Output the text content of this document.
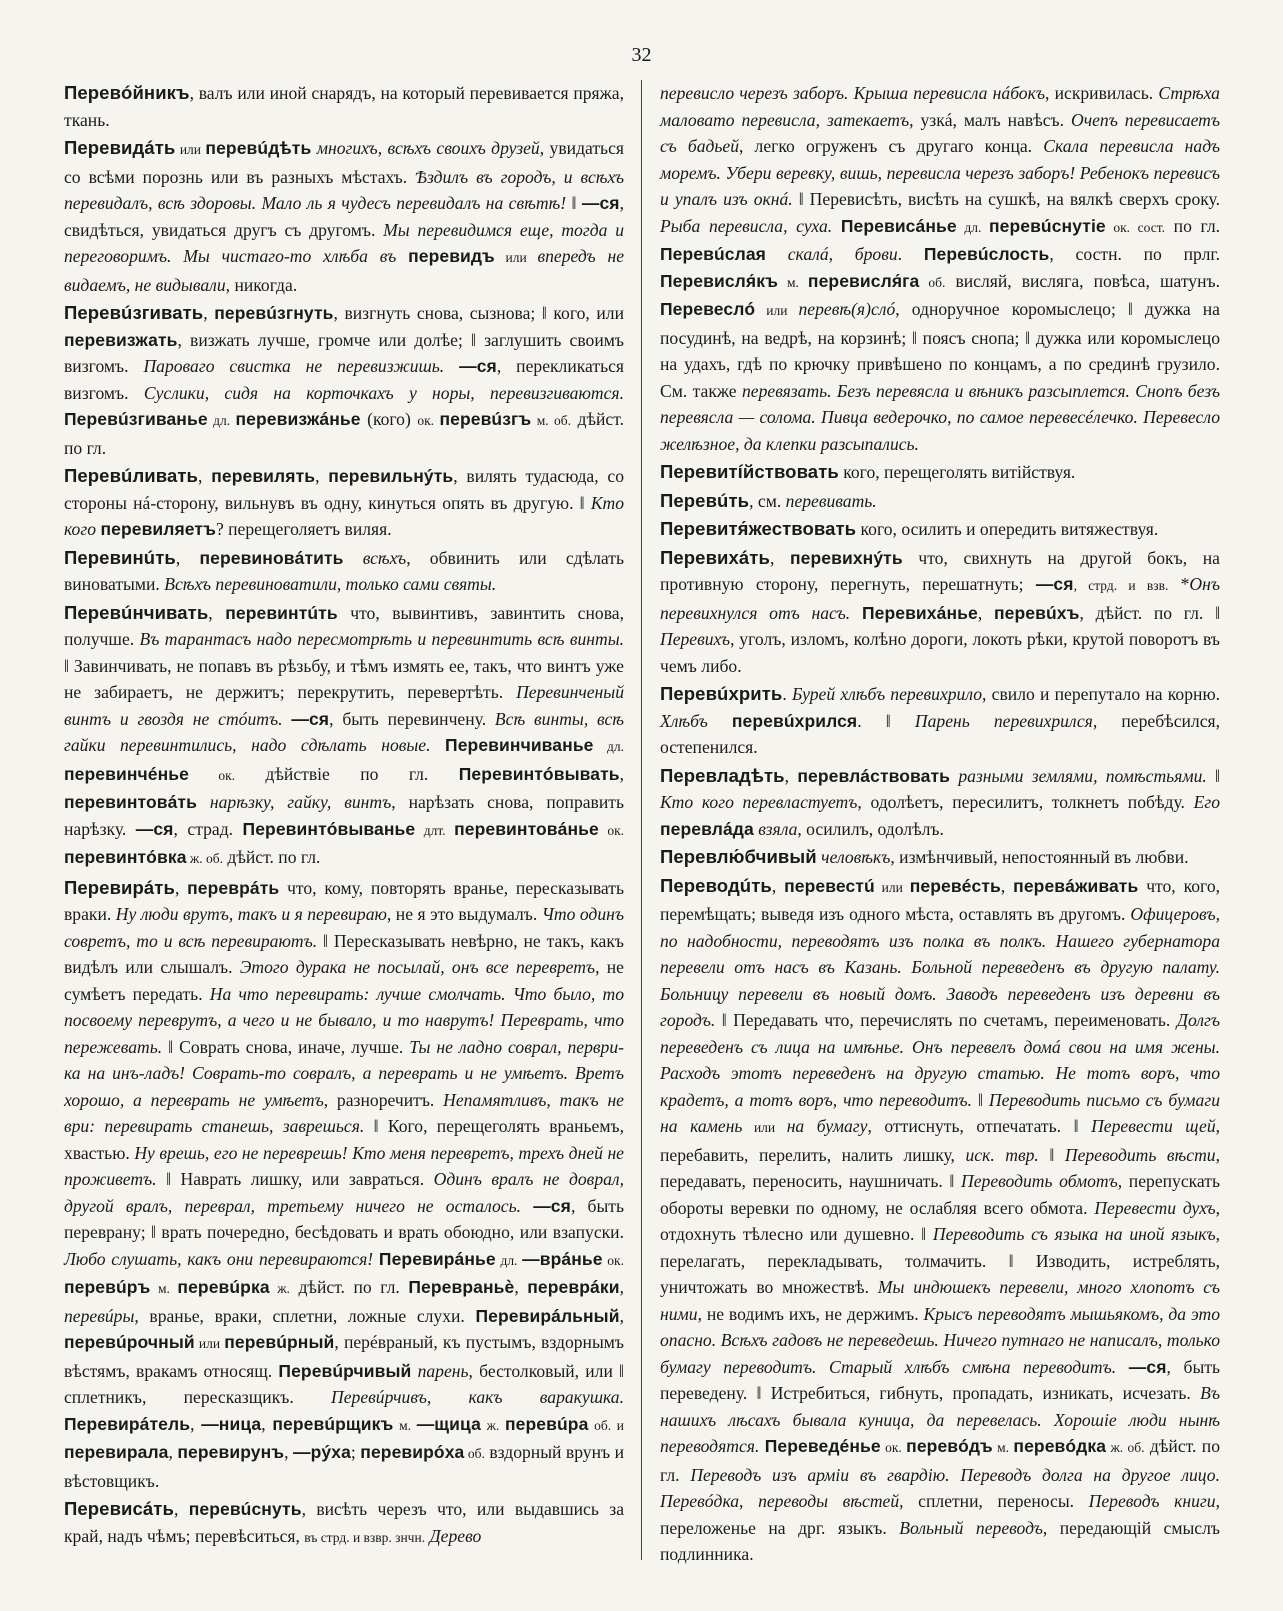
32

Перевóйникъ, валъ или иной снарядъ, на который перевивается пряжа, ткань.

Перевидáть или перевúдѣть многихъ, всѣхъ своихъ друзей, увидаться со всѣми порознь или въ разныхъ мѣстахъ. Ѣздилъ въ городъ, и всѣхъ перевидалъ, всѣ здоровы. Мало ль я чудесъ перевидалъ на свѣтѣ! ‖ —ся, свидѣться, увидаться другъ съ другомъ. Мы перевидимся еще, тогда и переговоримъ. Мы чистаго-то хлѣба въ перевидъ или впередъ не видаемъ, не видывали, никогда.

Перевúзгивать, перевúзгнуть, визгнуть снова, сызнова; ‖ кого, или перевизжать, визжать лучше, громче или долѣе; ‖ заглушить своимъ визгомъ. Пароваго свистка не перевизжишь. —ся, перекликаться визгомъ. Суслики, сидя на корточкахъ у норы, перевизгиваются. Перевúзгиванье дл. перевизжáнье (кого) ок. перевúзгъ м. об. дѣйст. по гл.

Перевúливать, перевилять, перевильнýть, вилять тудасюда, со стороны нá-сторону, вильнувъ въ одну, кинуться опять въ другую. ‖ Кто кого перевиляетъ? перещеголяетъ виляя.

Перевинúть, перевиновáтить всѣхъ, обвинить или сдѣлать виноватыми. Всѣхъ перевиноватили, только сами святы.

Перевúнчивать, перевинтúть что, вывинтивъ, завинтить снова, получше. Въ тарантасъ надо пересмотрѣть и перевинтить всѣ винты. ‖ Завинчивать, не попавъ въ рѣзьбу, и тѣмъ измять ее, такъ, что винтъ уже не забираетъ, не держитъ; перекрутить, перевертѣть. Перевинченый винтъ и гвоздя не стóитъ. —ся, быть перевинчену. Всѣ винты, всѣ гайки перевинтились, надо сдѣлать новые. Перевинчиванье дл. перевинчéнье ок. дѣйствіе по гл. Перевинтóвывать, перевинтовáть нарѣзку, гайку, винтъ, нарѣзать снова, поправить нарѣзку. —ся, страд. Перевинтóвыванье длт. перевинтовáнье ок. перевинтóвка ж. об. дѣйст. по гл.

Перевирáть, переврáть что, кому, повторять вранье, пересказывать враки. Ну люди врутъ, такъ и я перевираю, не я это выдумалъ. Что одинъ совретъ, то и всѣ перевираютъ. ‖ Пересказывать невѣрно, не такъ, какъ видѣлъ или слышалъ. Этого дурака не посылай, онъ все перевретъ, не сумѣетъ передать. На что перевирать: лучше смолчать. Что было, то посвоему переврутъ, а чего и не бывало, и то наврутъ! Переврать, что пережевать. ‖ Соврать снова, иначе, лучше. Ты не ладно соврал, перври-ка на инъ-ладъ! Соврать-то совралъ, а переврать и не умѣетъ. Вретъ хорошо, а переврать не умѣетъ, разноречитъ. Непамятливъ, такъ не ври: перевирать станешь, заврешься. ‖ Кого, перещеголять враньемъ, хвастью. Ну врешь, его не переврешь! Кто меня перевретъ, трехъ дней не проживетъ. ‖ Наврать лишку, или завраться. Одинъ вралъ не доврал, другой вралъ, переврал, третьему ничего не осталось. —ся, быть переврану; ‖ врать почередно, бесѣдовать и врать обоюдно, или взапуски. Любо слушать, какъ они перевираются! Перевирáнье дл. —врáнье ок. перевúръ м. перевúрка ж. дѣйст. по гл. Перевраньѐ, переврáки, перевúры, вранье, враки, сплетни, ложные слухи. Перевирáльный, перевúрочный или перевúрный, перéвраный, къ пустымъ, вздорнымъ вѣстямъ, вракамъ относящ. Перевúрчивый парень, бестолковый, или ‖ сплетникъ, пересказщикъ. Перевúрчивъ, какъ варакушка. Перевирáтель, —ница, перевúрщикъ м. —щица ж. перевúра об. и перевирала, перевирунъ, —рýха; перевирóха об. вздорный врунъ и вѣстовщикъ.

Перевисáть, перевúснуть, висѣть черезъ что, или выдавшись за край, надъ чѣмъ; перевѣситься, въ стрд. и взвр. знчн. Дерево

перевисло черезъ заборъ. Крыша перевисла нáбокъ, искривилась. Стрѣха маловато перевисла, затекаетъ, узкá, малъ навѣсъ. Очепъ перевисаетъ съ бадьей, легко огруженъ съ другаго конца. Скала перевисла надъ моремъ. Убери веревку, вишь, перевисла черезъ заборъ! Ребенокъ перевисъ и упалъ изъ окнá. ‖ Перевисѣть, висѣть на сушкѣ, на вялкѣ сверхъ сроку. Рыба перевисла, суха. Перевисáнье дл. перевúснутіе ок. сост. по гл. Перевúслая скалá, брови. Перевúслость, состн. по прлг. Перевисля́къ м. перевисля́га об. висляй, висляга, повѣса, шатунъ. Перевеслó или перевѣ(я)слó, одноручное коромыслецо; ‖ дужка на посудинѣ, на ведрѣ, на корзинѣ; ‖ поясъ снопа; ‖ дужка или коромыслецо на удахъ, гдѣ по крючку привѣшено по концамъ, а по срединѣ грузило. См. также перевязать. Безъ перевясла и вѣникъ разсыплется. Снопъ безъ перевясла — солома. Пивца ведерочко, по самое перевесéлечко. Перевесло желѣзное, да клепки разсыпались.

Перевитíйствовать кого, перещеголять витійствуя.

Перевúть, см. перевивать.

Перевитя́жествовать кого, осилить и опередить витяжествуя.

Перевихáть, перевихнýть что, свихнуть на другой бокъ, на противную сторону, перегнуть, перешатнуть; —ся, стрд. и взв. *Онъ перевихнулся отъ насъ. Перевихáнье, перевúхъ, дѣйст. по гл. ‖ Перевихъ, уголъ, изломъ, колѣно дороги, локоть рѣки, крутой поворотъ въ чемъ либо.

Перевúхрить. Бурей хлѣбъ перевихрило, свило и перепутало на корню. Хлѣбъ перевúхрился. ‖ Парень перевихрился, перебѣсился, остепенился.

Перевладѣть, перевлáствовать разными землями, помѣстьями. ‖ Кто кого перевластуетъ, одолѣетъ, пересилитъ, толкнетъ побѣду. Его перевлáда взяла, осилилъ, одолѣлъ.

Перевлю́бчивый человѣкъ, измѣнчивый, непостоянный въ любви.

Переводúть, перевестú или перевéсть, перевáживать что, кого, перемѣщать; выведя изъ одного мѣста, оставлять въ другомъ. Офицеровъ, по надобности, переводятъ изъ полка въ полкъ. Нашего губернатора перевели отъ насъ въ Казань. Больной переведенъ въ другую палату. Больницу перевели въ новый домъ. Заводъ переведенъ изъ деревни въ городъ. ‖ Передавать что, перечислять по счетамъ, переименовать. Долгъ переведенъ съ лица на имѣнье. Онъ перевелъ домá свои на имя жены. Расходъ этотъ переведенъ на другую статью. Не тотъ воръ, что крадетъ, а тотъ воръ, что переводитъ. ‖ Переводить письмо съ бумаги на камень или на бумагу, оттиснуть, отпечатать. ‖ Перевести щей, перебавить, перелить, налить лишку, иск. твр. ‖ Переводить вѣсти, передавать, переносить, наушничать. ‖ Переводить обмотъ, перепускать обороты веревки по одному, не ослабляя всего обмота. Перевести духъ, отдохнуть тѣлесно или душевно. ‖ Переводить съ языка на иной языкъ, перелагать, перекладывать, толмачить. ‖ Изводить, истреблять, уничтожать во множествѣ. Мы индюшекъ перевели, много хлопотъ съ ними, не водимъ ихъ, не держимъ. Крысъ переводятъ мышьякомъ, да это опасно. Всѣхъ гадовъ не переведешь. Ничего путнаго не написалъ, только бумагу переводитъ. Старый хлѣбъ смѣна переводитъ. —ся, быть переведену. ‖ Истребиться, гибнуть, пропадать, изникать, исчезать. Въ нашихъ лѣсахъ бывала куница, да перевелась. Хорошіе люди нынѣ переводятся. Переведéнье ок. перевóдъ м. перевóдка ж. об. дѣйст. по гл. Переводъ изъ арміи въ гвардію. Переводъ долга на другое лицо. Перевóдка, переводы вѣстей, сплетни, переносы. Переводъ книги, переложенье на дрг. языкъ. Вольный переводъ, передающій смыслъ подлинника.
